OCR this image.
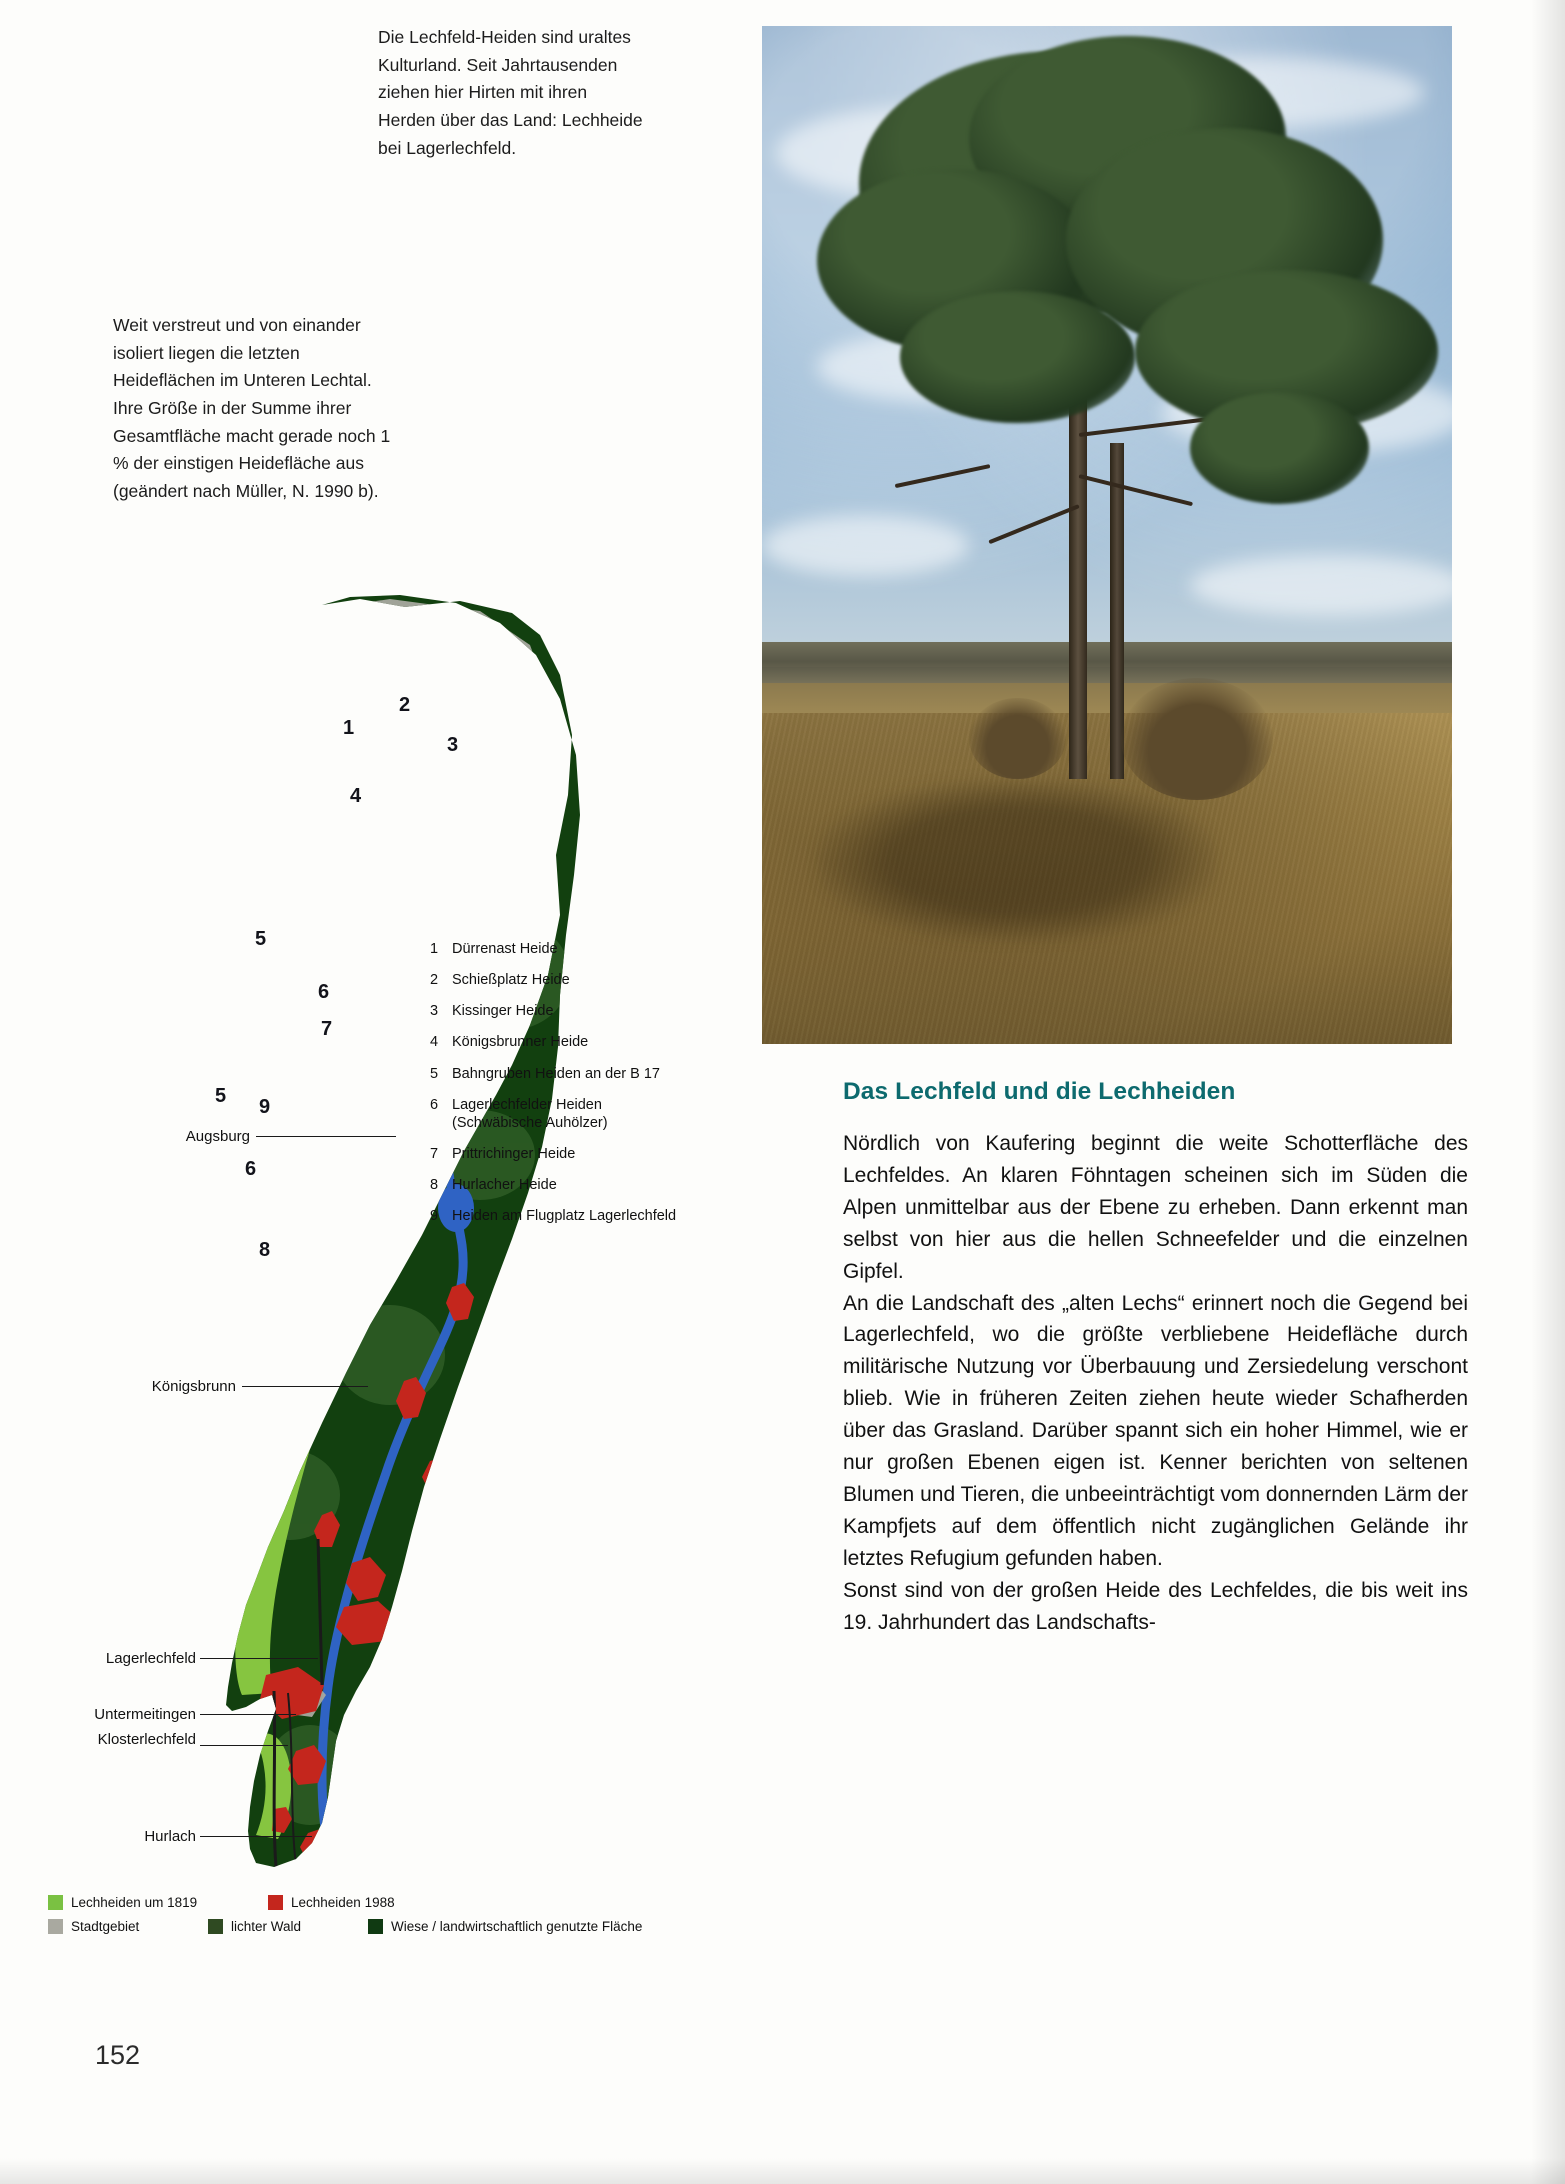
Die Lechfeld-Heiden sind uraltes Kulturland. Seit Jahrtausenden ziehen hier Hirten mit ihren Herden über das Land: Lechheide bei Lagerlechfeld.
Weit verstreut und von einander isoliert liegen die letzten Heideflächen im Unteren Lechtal. Ihre Größe in der Summe ihrer Gesamtfläche macht gerade noch 1 % der einstigen Heidefläche aus (geändert nach Müller, N. 1990 b).
Augsburg
Königsbrunn
Lagerlechfeld
Untermeitingen
Klosterlechfeld
Hurlach
1
2
3
4
5
6
7
5 9
6
8
1 Dürrenast Heide
2 Schießplatz Heide
3 Kissinger Heide
4 Königsbrunner Heide
5 Bahngruben Heiden an der B 17
6 Lagerlechfelder Heiden
(Schwäbische Auhölzer)
7 Prittrichinger Heide
8 Hurlacher Heide
9 Heiden am Flugplatz Lagerlechfeld
Lechheiden um 1819	Lechheiden 1988
Stadtgebiet	lichter Wald	Wiese / landwirtschaftlich genutzte Fläche
Das Lechfeld und die Lechheiden

Nördlich von Kaufering beginnt die weite Schotterfläche des Lechfeldes. An klaren Föhntagen scheinen sich im Süden die Alpen unmittelbar aus der Ebene zu erheben. Dann erkennt man selbst von hier aus die hellen Schneefelder und die einzelnen Gipfel.

An die Landschaft des „alten Lechs“ erinnert noch die Gegend bei Lagerlechfeld, wo die größte verbliebene Heidefläche durch militärische Nutzung vor Überbauung und Zersiedelung verschont blieb. Wie in früheren Zeiten ziehen heute wieder Schafherden über das Grasland. Darüber spannt sich ein hoher Himmel, wie er nur großen Ebenen eigen ist. Kenner berichten von seltenen Blumen und Tieren, die unbeeinträchtigt vom donnernden Lärm der Kampfjets auf dem öffentlich nicht zugänglichen Gelände ihr letztes Refugium gefunden haben.

Sonst sind von der großen Heide des Lechfeldes, die bis weit ins 19. Jahrhundert das Landschafts-

152
